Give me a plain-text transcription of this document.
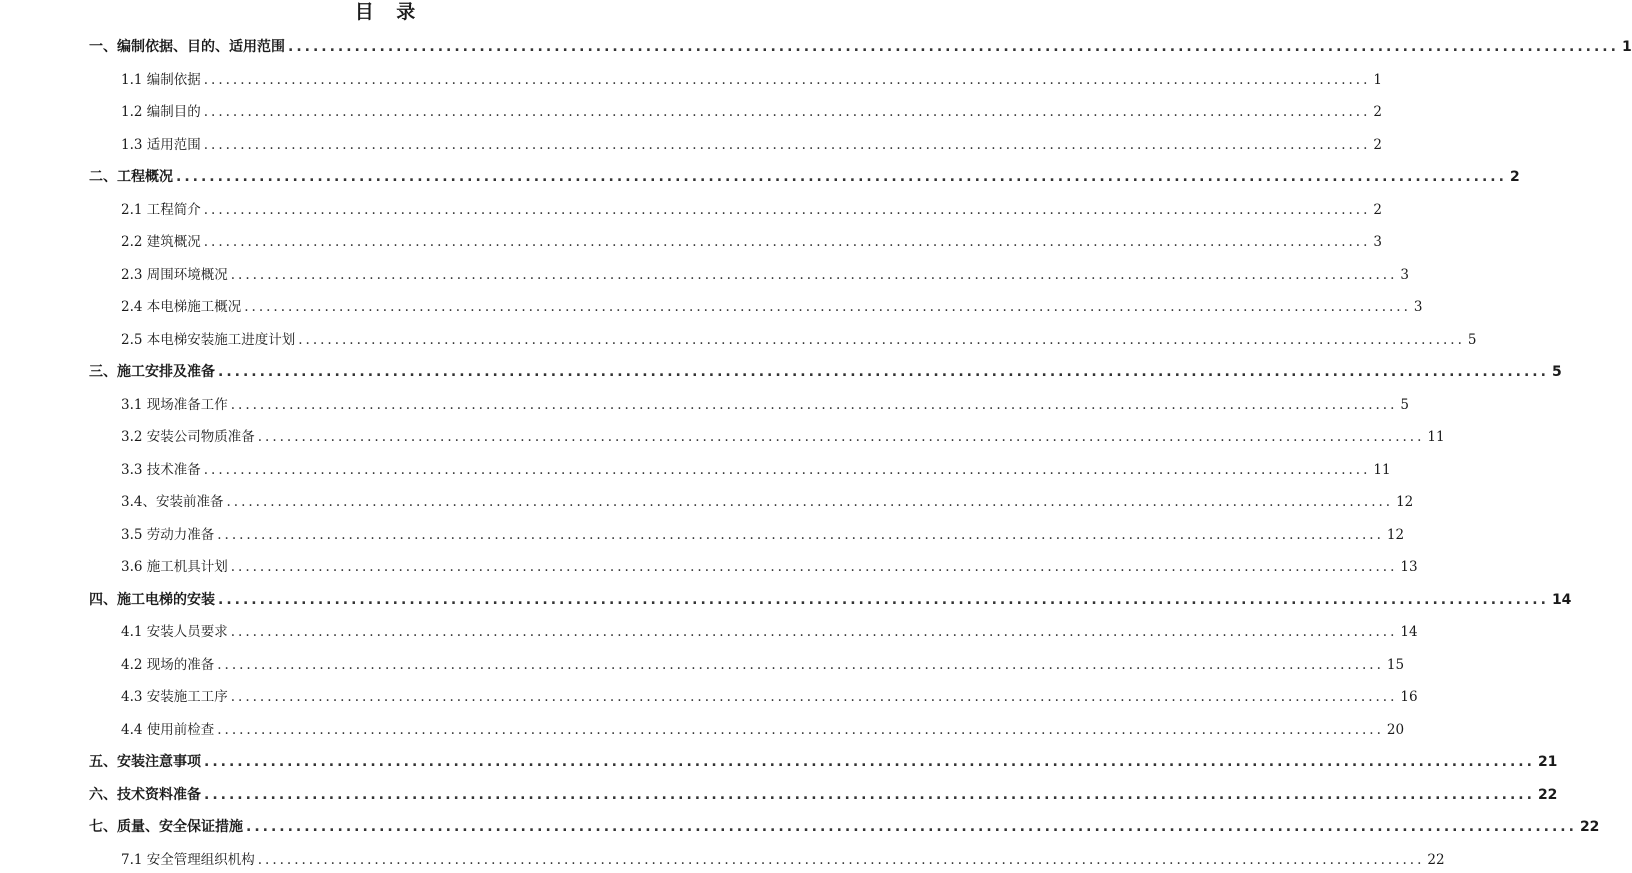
目 录
一、编制依据、目的、适用范围 ................................................................................................................................................................ 1
1.1 编制依据 ................................................................................................................................................................ 1
1.2 编制目的 ................................................................................................................................................................ 2
1.3 适用范围 ................................................................................................................................................................ 2
二、工程概况 ................................................................................................................................................................ 2
2.1 工程简介 ................................................................................................................................................................ 2
2.2 建筑概况 ................................................................................................................................................................ 3
2.3 周围环境概况 ................................................................................................................................................................ 3
2.4 本电梯施工概况 ................................................................................................................................................................ 3
2.5 本电梯安装施工进度计划 ................................................................................................................................................................ 5
三、施工安排及准备 ................................................................................................................................................................ 5
3.1 现场准备工作 ................................................................................................................................................................ 5
3.2 安装公司物质准备 ................................................................................................................................................................ 11
3.3 技术准备 ................................................................................................................................................................ 11
3.4、安装前准备 ................................................................................................................................................................ 12
3.5 劳动力准备 ................................................................................................................................................................ 12
3.6 施工机具计划 ................................................................................................................................................................ 13
四、施工电梯的安装 ................................................................................................................................................................ 14
4.1 安装人员要求 ................................................................................................................................................................ 14
4.2 现场的准备 ................................................................................................................................................................ 15
4.3 安装施工工序 ................................................................................................................................................................ 16
4.4 使用前检查 ................................................................................................................................................................ 20
五、安装注意事项 ................................................................................................................................................................ 21
六、技术资料准备 ................................................................................................................................................................ 22
七、质量、安全保证措施 ................................................................................................................................................................ 22
7.1 安全管理组织机构 ................................................................................................................................................................ 22
